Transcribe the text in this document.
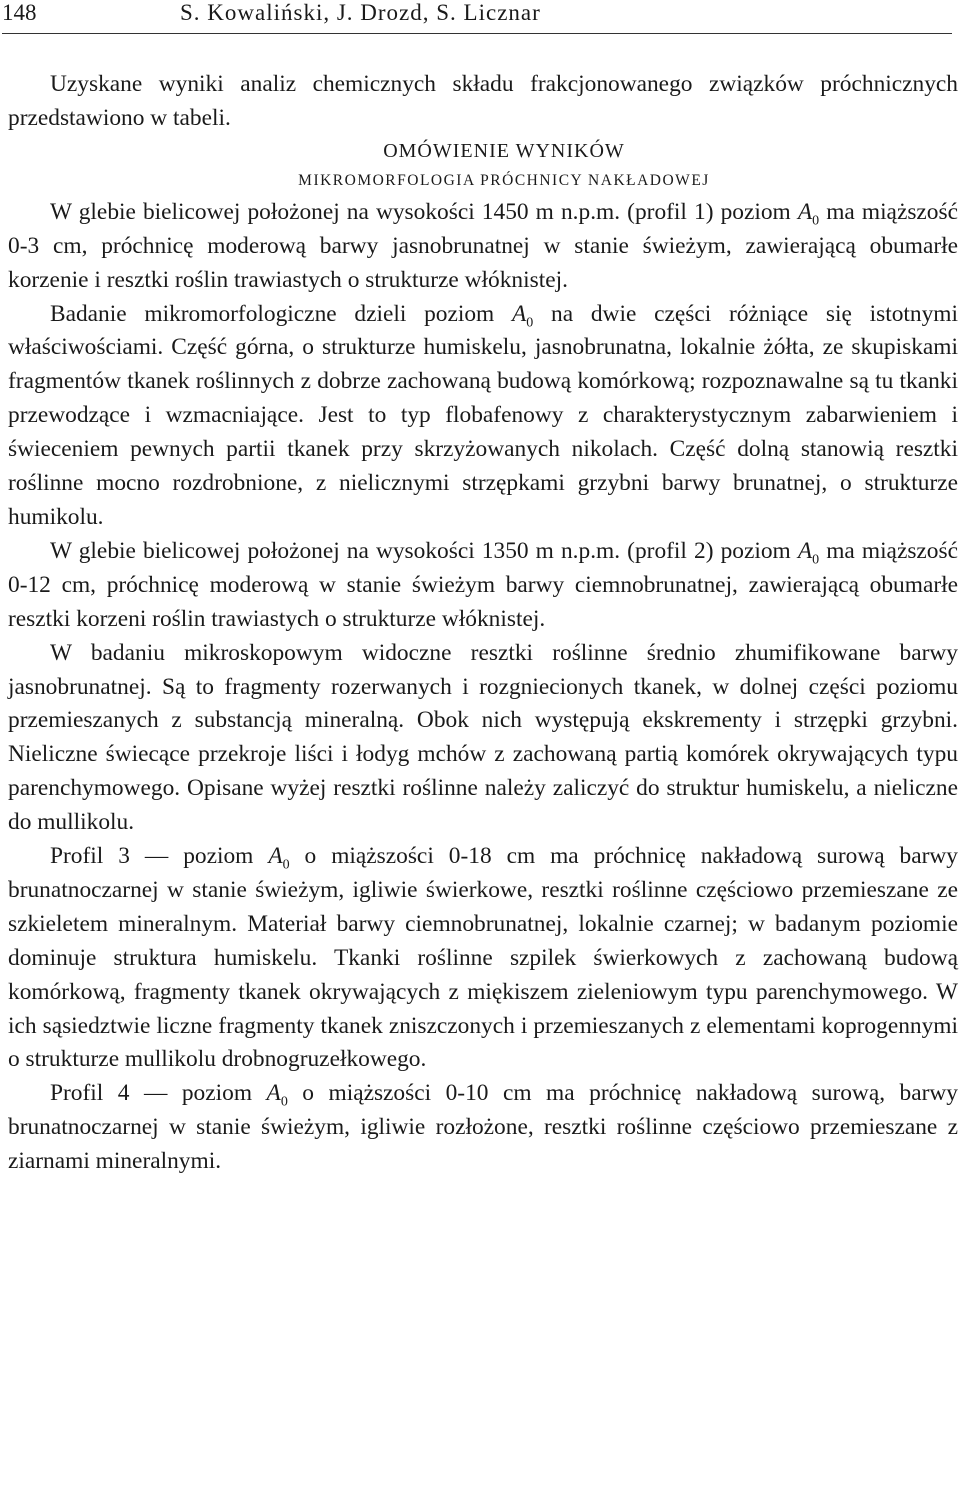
148	S. Kowaliński, J. Drozd, S. Licznar

Uzyskane wyniki analiz chemicznych składu frakcjonowanego związków próchnicznych przedstawiono w tabeli.

OMÓWIENIE WYNIKÓW

MIKROMORFOLOGIA PRÓCHNICY NAKŁADOWEJ

W glebie bielicowej położonej na wysokości 1450 m n.p.m. (profil 1) poziom $A_0$ ma miąższość 0-3 cm, próchnicę moderową barwy jasnobrunatnej w stanie świeżym, zawierającą obumarłe korzenie i resztki roślin trawiastych o strukturze włóknistej.

Badanie mikromorfologiczne dzieli poziom $A_0$ na dwie części różniące się istotnymi właściwościami. Część górna, o strukturze humiskelu, jasnobrunatna, lokalnie żółta, ze skupiskami fragmentów tkanek roślinnych z dobrze zachowaną budową komórkową; rozpoznawalne są tu tkanki przewodzące i wzmacniające. Jest to typ flobafenowy z charakterystycznym zabarwieniem i świeceniem pewnych partii tkanek przy skrzyżowanych nikolach. Część dolną stanowią resztki roślinne mocno rozdrobnione, z nielicznymi strzępkami grzybni barwy brunatnej, o strukturze humikolu.

W glebie bielicowej położonej na wysokości 1350 m n.p.m. (profil 2) poziom $A_0$ ma miąższość 0-12 cm, próchnicę moderową w stanie świeżym barwy ciemnobrunatnej, zawierającą obumarłe resztki korzeni roślin trawiastych o strukturze włóknistej.

W badaniu mikroskopowym widoczne resztki roślinne średnio zhumifikowane barwy jasnobrunatnej. Są to fragmenty rozerwanych i rozgniecionych tkanek, w dolnej części poziomu przemieszanych z substancją mineralną. Obok nich występują ekskrementy i strzępki grzybni. Nieliczne świecące przekroje liści i łodyg mchów z zachowaną partią komórek okrywających typu parenchymowego. Opisane wyżej resztki roślinne należy zaliczyć do struktur humiskelu, a nieliczne do mullikolu.

Profil 3 — poziom $A_0$ o miąższości 0-18 cm ma próchnicę nakładową surową barwy brunatnoczarnej w stanie świeżym, igliwie świerkowe, resztki roślinne częściowo przemieszane ze szkieletem mineralnym. Materiał barwy ciemnobrunatnej, lokalnie czarnej; w badanym poziomie dominuje struktura humiskelu. Tkanki roślinne szpilek świerkowych z zachowaną budową komórkową, fragmenty tkanek okrywających z miękiszem zieleniowym typu parenchymowego. W ich sąsiedztwie liczne fragmenty tkanek zniszczonych i przemieszanych z elementami koprogennymi o strukturze mullikolu drobnogruzełkowego.

Profil 4 — poziom $A_0$ o miąższości 0-10 cm ma próchnicę nakładową surową, barwy brunatnoczarnej w stanie świeżym, igliwie rozłożone, resztki roślinne częściowo przemieszane z ziarnami mineralnymi.
